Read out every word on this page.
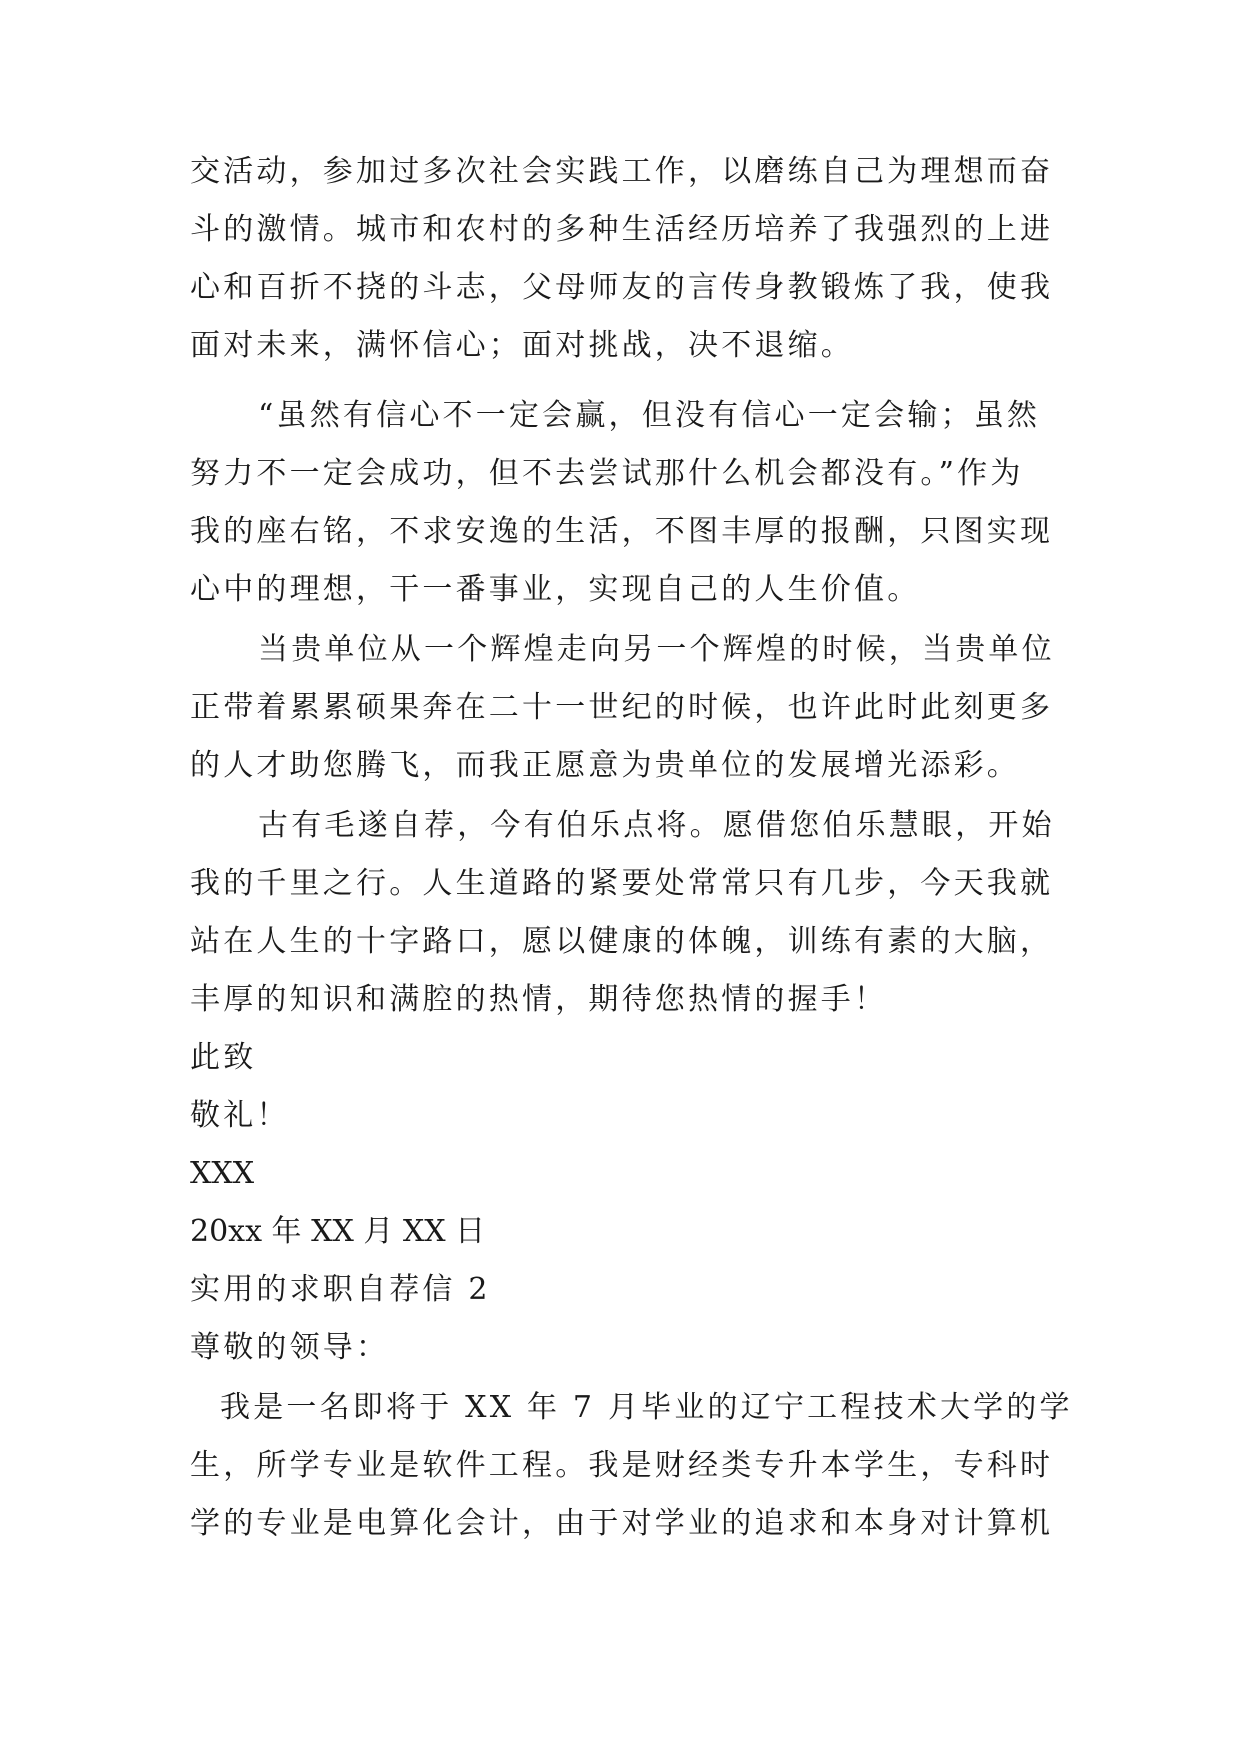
交活动，参加过多次社会实践工作，以磨练自己为理想而奋
斗的激情。城市和农村的多种生活经历培养了我强烈的上进
心和百折不挠的斗志，父母师友的言传身教锻炼了我，使我
面对未来，满怀信心；面对挑战，决不退缩。
“虽然有信心不一定会赢，但没有信心一定会输；虽然
努力不一定会成功，但不去尝试那什么机会都没有。”作为
我的座右铭，不求安逸的生活，不图丰厚的报酬，只图实现
心中的理想，干一番事业，实现自己的人生价值。
当贵单位从一个辉煌走向另一个辉煌的时候，当贵单位
正带着累累硕果奔在二十一世纪的时候，也许此时此刻更多
的人才助您腾飞，而我正愿意为贵单位的发展增光添彩。
古有毛遂自荐，今有伯乐点将。愿借您伯乐慧眼，开始
我的千里之行。人生道路的紧要处常常只有几步，今天我就
站在人生的十字路口，愿以健康的体魄，训练有素的大脑，
丰厚的知识和满腔的热情，期待您热情的握手！
此致
敬礼！
XXX
20xx 年 XX 月 XX 日
实用的求职自荐信 2
尊敬的领导：
我是一名即将于 XX 年 7 月毕业的辽宁工程技术大学的学
生，所学专业是软件工程。我是财经类专升本学生，专科时
学的专业是电算化会计，由于对学业的追求和本身对计算机
